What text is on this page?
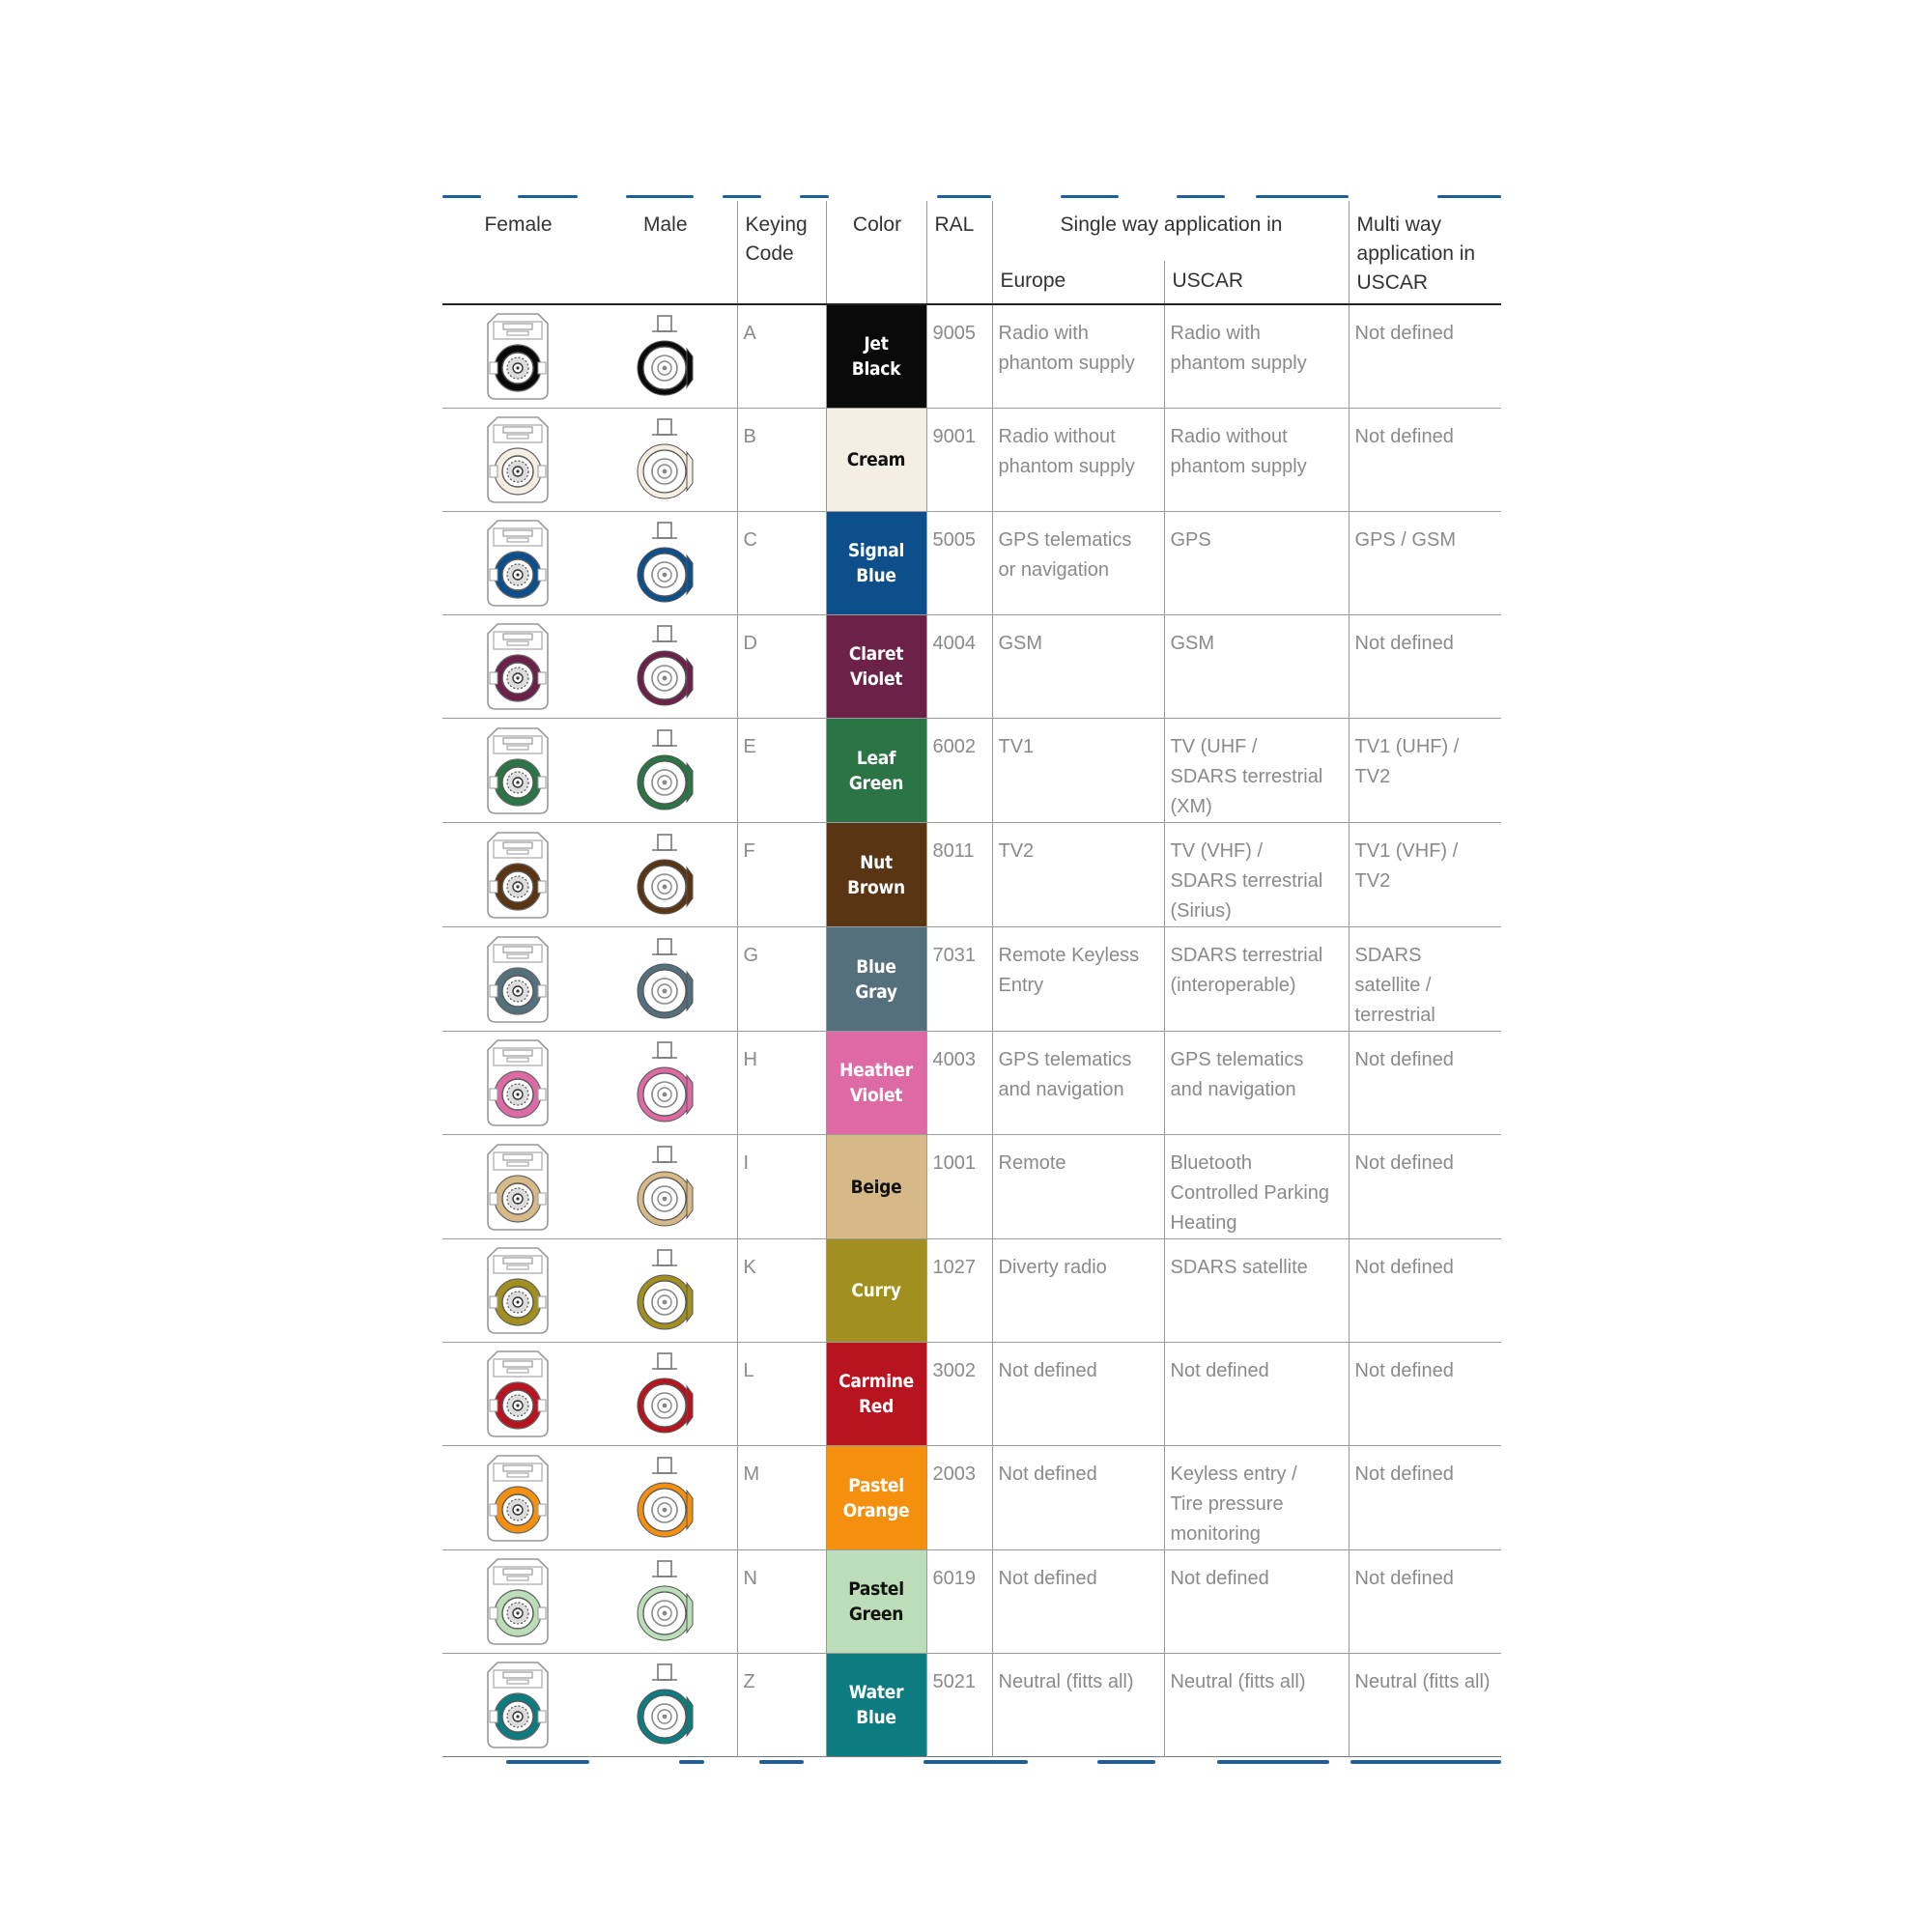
Female	Male	Keying
Code	Color	RAL	Single way application in		Multi way
application in
USCAR
					Europe	USCAR	

	A	Jet
Black	9005	Radio with
phantom supply	Radio with
phantom supply	Not defined

	B	Cream	9001	Radio without
phantom supply	Radio without
phantom supply	Not defined

	C	Signal
Blue	5005	GPS telematics
or navigation	GPS	GPS / GSM

	D	Claret
Violet	4004	GSM	GSM	Not defined

	E	Leaf
Green	6002	TV1	TV (UHF /
SDARS terrestrial
(XM)	TV1 (UHF) /
TV2

	F	Nut
Brown	8011	TV2	TV (VHF) /
SDARS terrestrial
(Sirius)	TV1 (VHF) /
TV2

	G	Blue
Gray	7031	Remote Keyless
Entry	SDARS terrestrial
(interoperable)	SDARS
satellite /
terrestrial

	H	Heather
Violet	4003	GPS telematics
and navigation	GPS telematics
and navigation	Not defined

	I	Beige	1001	Remote	Bluetooth
Controlled Parking
Heating	Not defined

	K	Curry	1027	Diverty radio	SDARS satellite	Not defined

	L	Carmine
Red	3002	Not defined	Not defined	Not defined

	M	Pastel
Orange	2003	Not defined	Keyless entry /
Tire pressure
monitoring	Not defined

	N	Pastel
Green	6019	Not defined	Not defined	Not defined

	Z	Water
Blue	5021	Neutral (fitts all)	Neutral (fitts all)	Neutral (fitts all)
